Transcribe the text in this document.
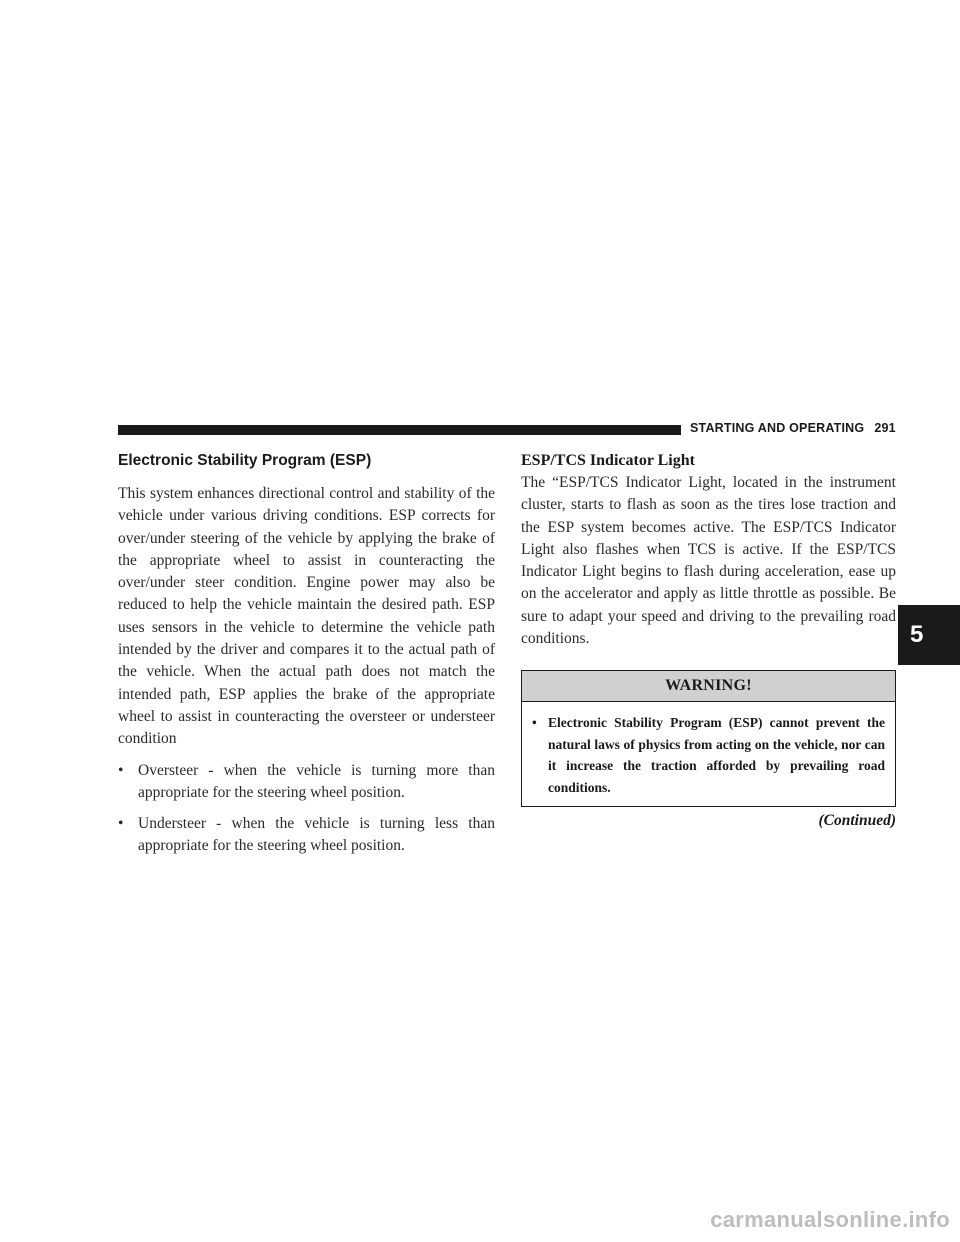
STARTING AND OPERATING 291
5
Electronic Stability Program (ESP)

This system enhances directional control and stability of the vehicle under various driving conditions. ESP corrects for over/under steering of the vehicle by applying the brake of the appropriate wheel to assist in counteracting the over/under steer condition. Engine power may also be reduced to help the vehicle maintain the desired path. ESP uses sensors in the vehicle to determine the vehicle path intended by the driver and compares it to the actual path of the vehicle. When the actual path does not match the intended path, ESP applies the brake of the appropriate wheel to assist in counteracting the oversteer or understeer condition

• Oversteer - when the vehicle is turning more than appropriate for the steering wheel position.
• Understeer - when the vehicle is turning less than appropriate for the steering wheel position.
ESP/TCS Indicator Light

The “ESP/TCS Indicator Light, located in the instrument cluster, starts to flash as soon as the tires lose traction and the ESP system becomes active. The ESP/TCS Indicator Light also flashes when TCS is active. If the ESP/TCS Indicator Light begins to flash during acceleration, ease up on the accelerator and apply as little throttle as possible. Be sure to adapt your speed and driving to the prevailing road conditions.

WARNING!
• Electronic Stability Program (ESP) cannot prevent the natural laws of physics from acting on the vehicle, nor can it increase the traction afforded by prevailing road conditions.
(Continued)
carmanualsonline.info
